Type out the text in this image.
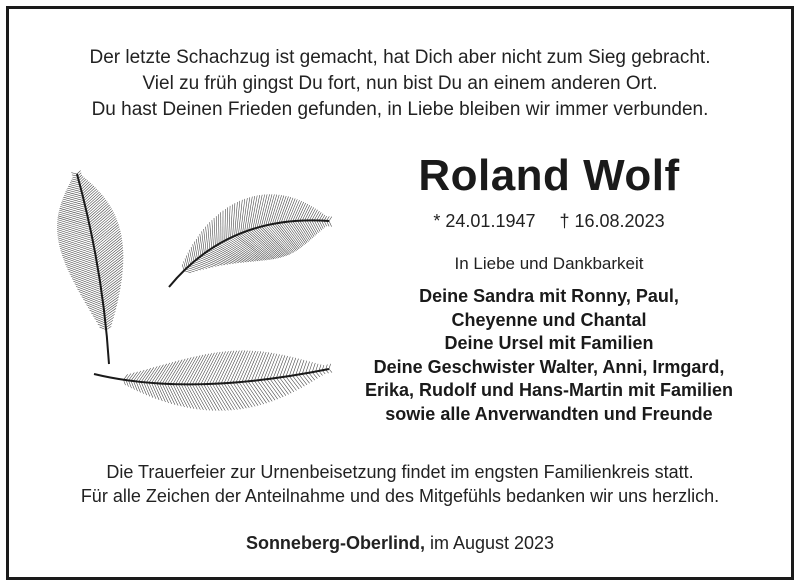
Der letzte Schachzug ist gemacht, hat Dich aber nicht zum Sieg gebracht.
Viel zu früh gingst Du fort, nun bist Du an einem anderen Ort.
Du hast Deinen Frieden gefunden, in Liebe bleiben wir immer verbunden.
Roland Wolf
* 24.01.1947 † 16.08.2023
In Liebe und Dankbarkeit
Deine Sandra mit Ronny, Paul,
Cheyenne und Chantal
Deine Ursel mit Familien
Deine Geschwister Walter, Anni, Irmgard,
Erika, Rudolf und Hans-Martin mit Familien
sowie alle Anverwandten und Freunde
Die Trauerfeier zur Urnenbeisetzung findet im engsten Familienkreis statt.
Für alle Zeichen der Anteilnahme und des Mitgefühls bedanken wir uns herzlich.
Sonneberg-Oberlind, im August 2023
